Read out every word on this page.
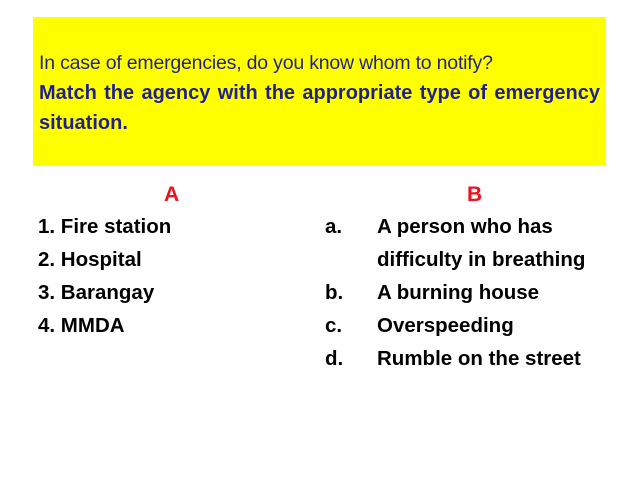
In case of emergencies, do you know whom to notify?
Match the agency with the appropriate type of emergency situation.
A
1. Fire station
2. Hospital
3. Barangay
4. MMDA
B
a.	A person who has difficulty in breathing
b.	A burning house
c.	Overspeeding
d.	Rumble on the street
